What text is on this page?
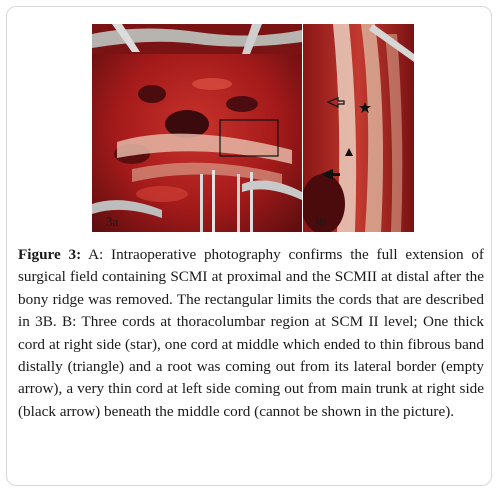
3a	3b

Figure 3: A: Intraoperative photography confirms the full extension of surgical field containing SCMI at proximal and the SCMII at distal after the bony ridge was removed. The rectangular limits the cords that are described in 3B. B: Three cords at thoracolumbar region at SCM II level; One thick cord at right side (star), one cord at middle which ended to thin fibrous band distally (triangle) and a root was coming out from its lateral border (empty arrow), a very thin cord at left side coming out from main trunk at right side (black arrow) beneath the middle cord (cannot be shown in the picture).
